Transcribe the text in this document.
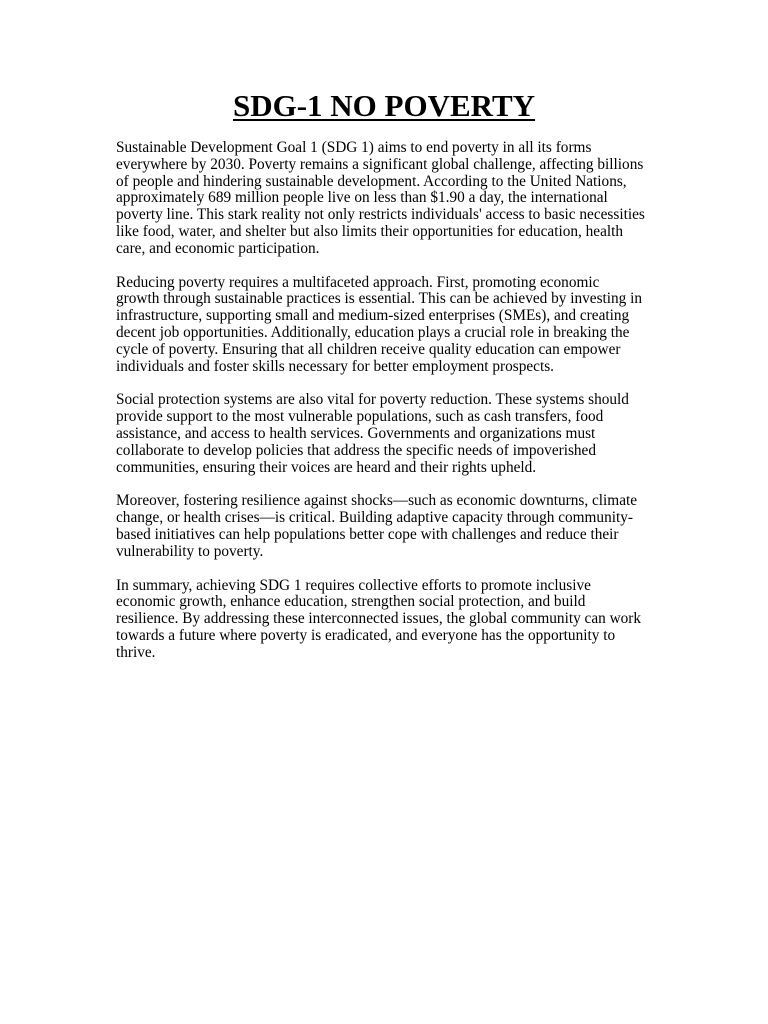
SDG-1 NO POVERTY

Sustainable Development Goal 1 (SDG 1) aims to end poverty in all its forms
everywhere by 2030. Poverty remains a significant global challenge, affecting billions
of people and hindering sustainable development. According to the United Nations,
approximately 689 million people live on less than $1.90 a day, the international
poverty line. This stark reality not only restricts individuals' access to basic necessities
like food, water, and shelter but also limits their opportunities for education, health
care, and economic participation.

Reducing poverty requires a multifaceted approach. First, promoting economic
growth through sustainable practices is essential. This can be achieved by investing in
infrastructure, supporting small and medium-sized enterprises (SMEs), and creating
decent job opportunities. Additionally, education plays a crucial role in breaking the
cycle of poverty. Ensuring that all children receive quality education can empower
individuals and foster skills necessary for better employment prospects.

Social protection systems are also vital for poverty reduction. These systems should
provide support to the most vulnerable populations, such as cash transfers, food
assistance, and access to health services. Governments and organizations must
collaborate to develop policies that address the specific needs of impoverished
communities, ensuring their voices are heard and their rights upheld.

Moreover, fostering resilience against shocks—such as economic downturns, climate
change, or health crises—is critical. Building adaptive capacity through community-
based initiatives can help populations better cope with challenges and reduce their
vulnerability to poverty.

In summary, achieving SDG 1 requires collective efforts to promote inclusive
economic growth, enhance education, strengthen social protection, and build
resilience. By addressing these interconnected issues, the global community can work
towards a future where poverty is eradicated, and everyone has the opportunity to
thrive.
